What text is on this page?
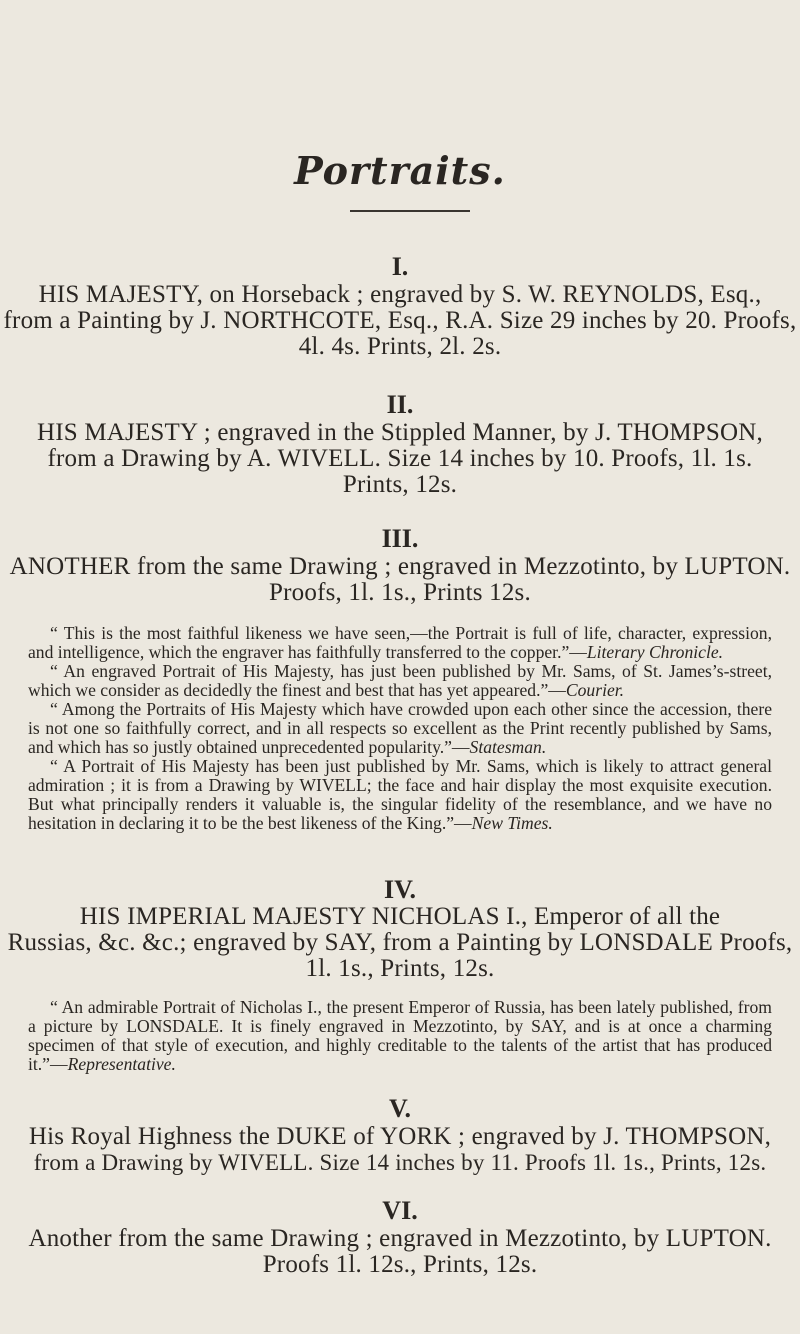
Portraits.
I.
HIS MAJESTY, on Horseback ; engraved by S. W. REYNOLDS, Esq.,
from a Painting by J. NORTHCOTE, Esq., R.A. Size 29 inches by 20. Proofs,
4l. 4s. Prints, 2l. 2s.
II.
HIS MAJESTY ; engraved in the Stippled Manner, by J. THOMPSON,
from a Drawing by A. WIVELL. Size 14 inches by 10. Proofs, 1l. 1s.
Prints, 12s.
III.
ANOTHER from the same Drawing ; engraved in Mezzotinto, by LUPTON.
Proofs, 1l. 1s., Prints 12s.

“ This is the most faithful likeness we have seen,—the Portrait is full of life, character, expression, and intelligence, which the engraver has faithfully transferred to the copper.”—Literary Chronicle.

“ An engraved Portrait of His Majesty, has just been published by Mr. Sams, of St. James’s-street, which we consider as decidedly the finest and best that has yet appeared.”—Courier.

“ Among the Portraits of His Majesty which have crowded upon each other since the accession, there is not one so faithfully correct, and in all respects so excellent as the Print recently published by Sams, and which has so justly obtained unprecedented popularity.”—Statesman.

“ A Portrait of His Majesty has been just published by Mr. Sams, which is likely to attract general admiration ; it is from a Drawing by WIVELL; the face and hair display the most exquisite execution. But what principally renders it valuable is, the singular fidelity of the resemblance, and we have no hesitation in declaring it to be the best likeness of the King.”—New Times.

IV.
HIS IMPERIAL MAJESTY NICHOLAS I., Emperor of all the
Russias, &c. &c.; engraved by SAY, from a Painting by LONSDALE Proofs,
1l. 1s., Prints, 12s.

“ An admirable Portrait of Nicholas I., the present Emperor of Russia, has been lately published, from a picture by LONSDALE. It is finely engraved in Mezzotinto, by SAY, and is at once a charming specimen of that style of execution, and highly creditable to the talents of the artist that has produced it.”—Representative.

V.
His Royal Highness the DUKE of YORK ; engraved by J. THOMPSON,
from a Drawing by WIVELL. Size 14 inches by 11. Proofs 1l. 1s., Prints, 12s.
VI.
Another from the same Drawing ; engraved in Mezzotinto, by LUPTON.
Proofs 1l. 12s., Prints, 12s.
